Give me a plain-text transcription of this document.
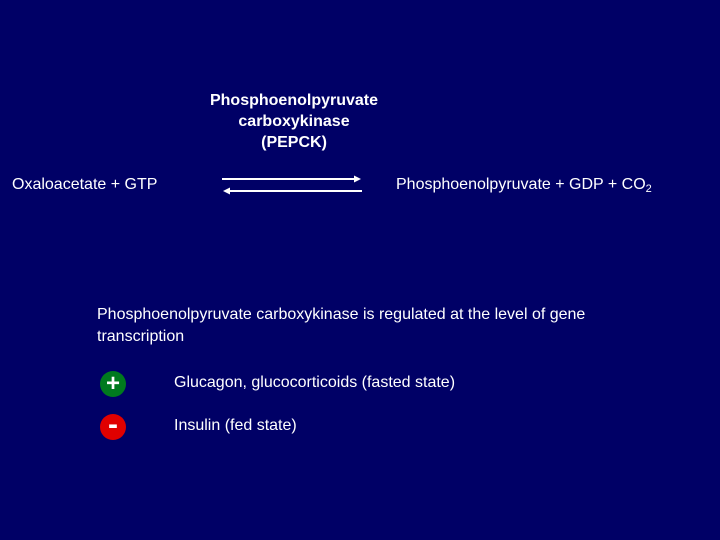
Phosphoenolpyruvate
carboxykinase
(PEPCK)
Oxaloacetate + GTP	Phosphoenolpyruvate + GDP + $CO_2$
Phosphoenolpyruvate carboxykinase is regulated at the level of gene transcription
+	Glucagon, glucocorticoids (fasted state)
-	Insulin (fed state)
